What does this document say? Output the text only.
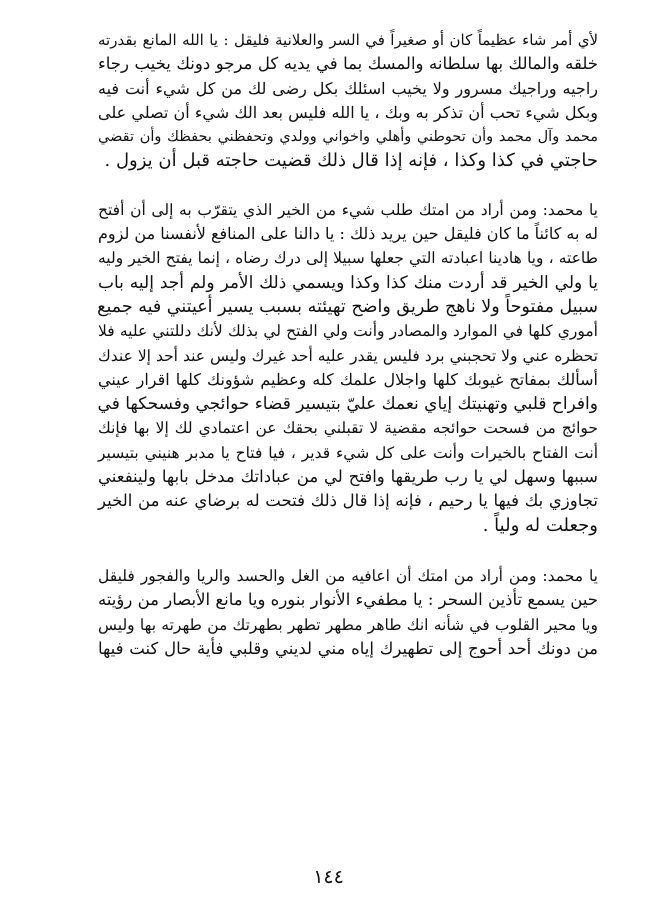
لأي أمر شاء عظيماً كان أو صغيراً في السر والعلانية فليقل : يا الله المانع بقدرته
خلقه والمالك بها سلطانه والمسك بما في يديه كل مرجو دونك يخيب رجاء
راجيه وراجيك مسرور ولا يخيب اسئلك بكل رضى لك من كل شيء أنت فيه
وبكل شيء تحب أن تذكر به وبك ، يا الله فليس بعد الك شيء أن تصلي على
محمد وآل محمد وأن تحوطني وأهلي واخواني وولدي وتحفظني بحفظك وأن تقضي
حاجتي في كذا وكذا ، فإنه إذا قال ذلك قضيت حاجته قبل أن يزول .
يا محمد: ومن أراد من امتك طلب شيء من الخير الذي يتقرّب به إلى أن أفتح
له به كائناً ما كان فليقل حين يريد ذلك : يا دالنا على المنافع لأنفسنا من لزوم
طاعته ، ويا هادينا اعبادته التي جعلها سبيلا إلى درك رضاه ، إنما يفتح الخير وليه
يا ولي الخير قد أردت منك كذا وكذا ويسمي ذلك الأمر ولم أجد إليه باب
سبيل مفتوحاً ولا ناهج طريق واضح تهيئته بسبب يسير أعيتني فيه جميع
أموري كلها في الموارد والمصادر وأنت ولي الفتح لي بذلك لأنك دللتني عليه فلا
تحظره عني ولا تحجبني برد فليس يقدر عليه أحد غيرك وليس عند أحد إلا عندك
أسألك بمفاتح غيوبك كلها واجلال علمك كله وعظيم شؤونك كلها اقرار عيني
وافراح قلبي وتهنيتك إياي نعمك عليّ بتيسير قضاء حوائجي وفسحكها في
حوائج من فسحت حوائجه مقضية لا تقبلني بحقك عن اعتمادي لك إلا بها فإنك
أنت الفتاح بالخيرات وأنت على كل شيء قدير ، فيا فتاح يا مدبر هنيني بتيسير
سببها وسهل لي يا رب طريقها وافتح لي من عباداتك مدخل بابها ولينفعني
تجاوزي بك فيها يا رحيم ، فإنه إذا قال ذلك فتحت له برضاي عنه من الخير
وجعلت له ولياً .
يا محمد: ومن أراد من امتك أن اعافيه من الغل والحسد والريا والفجور فليقل
حين يسمع تأذين السحر : يا مطفيء الأنوار بنوره ويا مانع الأبصار من رؤيته
ويا محير القلوب في شأنه انك طاهر مطهر تطهر بطهرتك من طهرته بها وليس
من دونك أحد أحوج إلى تطهيرك إياه مني لديني وقلبي فأية حال كنت فيها
١٤٤
